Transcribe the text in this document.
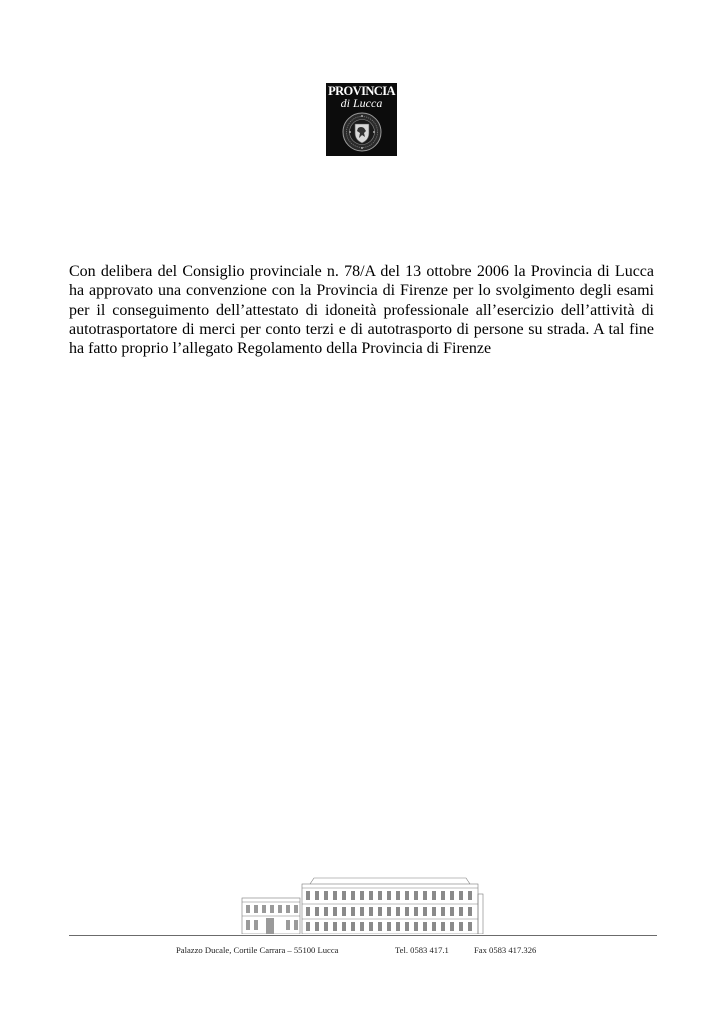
PROVINCIA
di Lucca

Con delibera del Consiglio provinciale n. 78/A del 13 ottobre 2006 la Provincia di Lucca ha approvato una convenzione con la Provincia di Firenze per lo svolgimento degli esami per il conseguimento dell’attestato di idoneità professionale all’esercizio dell’attività di autotrasportatore di merci per conto terzi e di autotrasporto di persone su strada. A tal fine ha fatto proprio l’allegato Regolamento della Provincia di Firenze

Palazzo Ducale, Cortile Carrara – 55100 Lucca	Tel. 0583 417.1	Fax 0583 417.326
